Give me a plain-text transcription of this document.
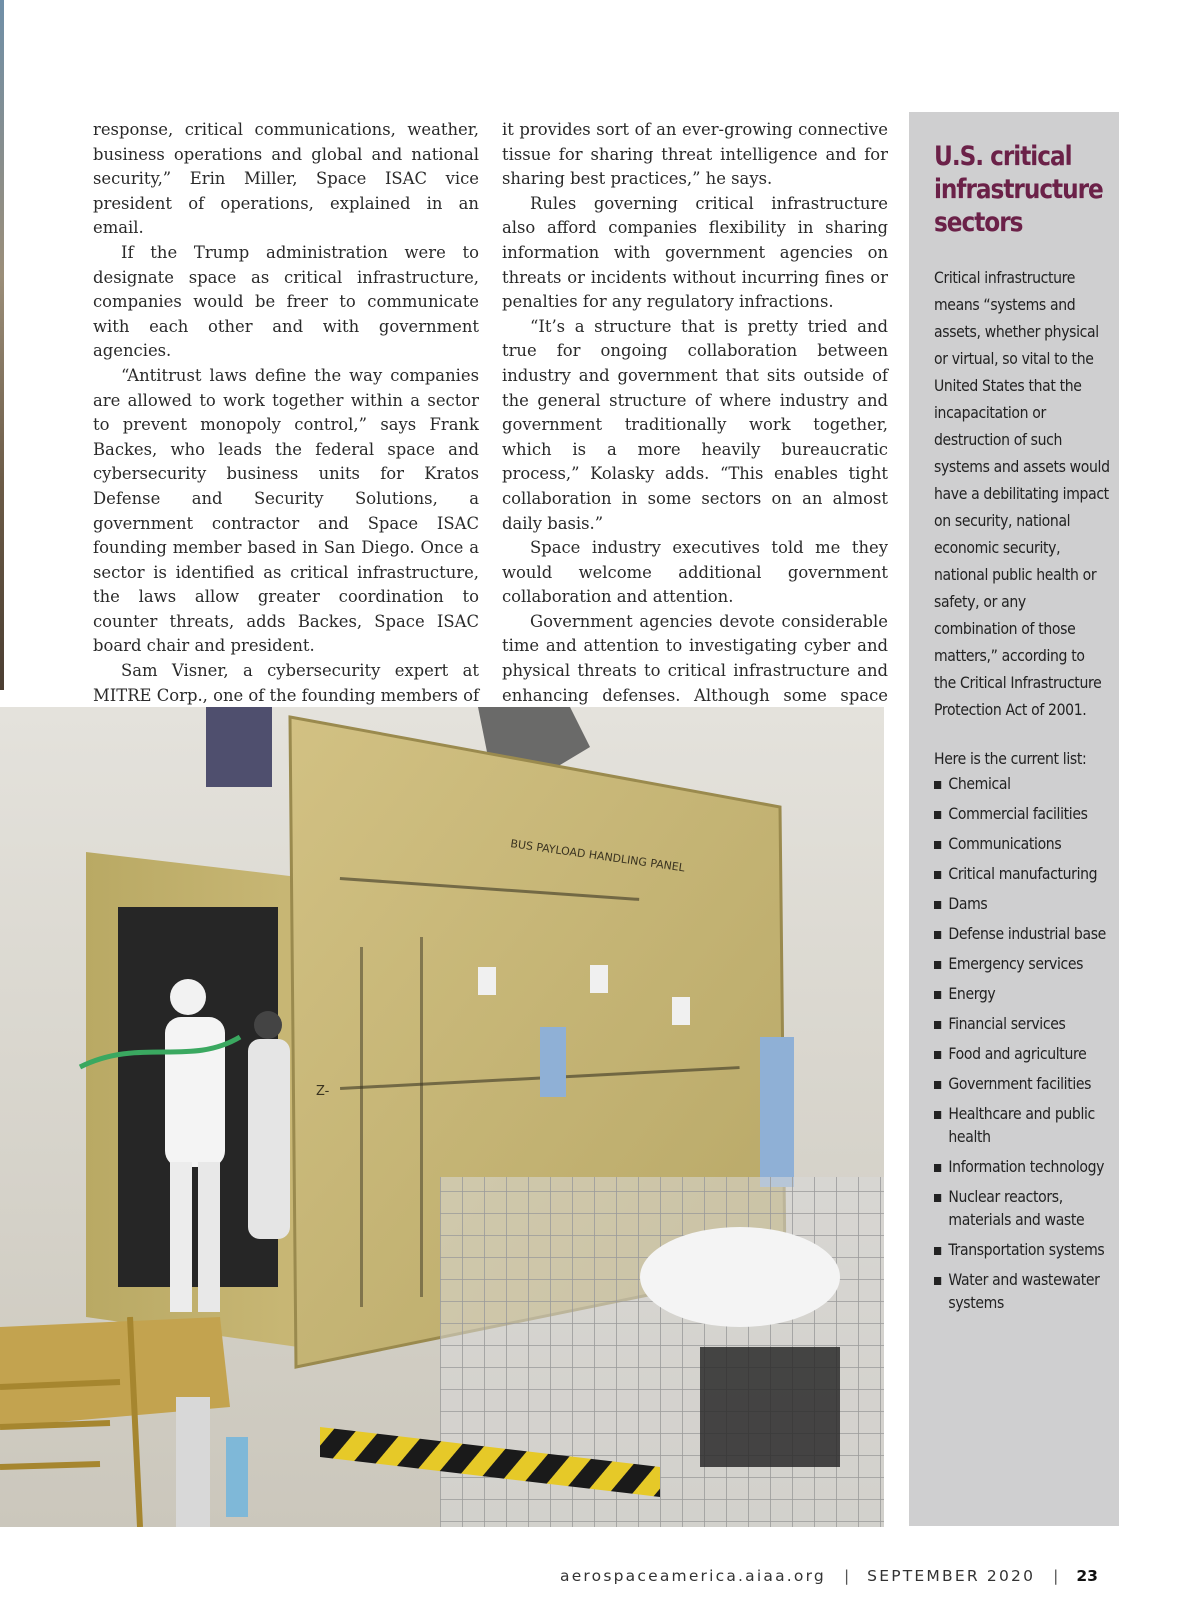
response, critical communications, weather, business operations and global and national security,” Erin Miller, Space ISAC vice president of operations, explained in an email.

If the Trump administration were to designate space as critical infrastructure, companies would be freer to communicate with each other and with government agencies.

“Antitrust laws define the way companies are allowed to work together within a sector to prevent monopoly control,” says Frank Backes, who leads the federal space and cybersecurity business units for Kratos Defense and Security Solutions, a government contractor and Space ISAC founding member based in San Diego. Once a sector is identified as critical infrastructure, the laws allow greater coordination to counter threats, adds Backes, Space ISAC board chair and president.

Sam Visner, a cybersecurity expert at MITRE Corp., one of the founding members of

it provides sort of an ever-growing connective tissue for sharing threat intelligence and for sharing best practices,” he says.

Rules governing critical infrastructure also afford companies flexibility in sharing information with government agencies on threats or incidents without incurring fines or penalties for any regulatory infractions.

“It’s a structure that is pretty tried and true for ongoing collaboration between industry and government that sits outside of the general structure of where industry and government traditionally work together, which is a more heavily bureaucratic process,” Kolasky adds. “This enables tight collaboration in some sectors on an almost daily basis.”

Space industry executives told me they would welcome additional government collaboration and attention.

Government agencies devote considerable time and attention to investigating cyber and physical threats to critical infrastructure and enhancing defenses. Although some space

U.S. critical infrastructure sectors
Critical infrastructure means “systems and assets, whether physical or virtual, so vital to the United States that the incapacitation or destruction of such systems and assets would have a debilitating impact on security, national economic security, national public health or safety, or any combination of those matters,” according to the Critical Infrastructure Protection Act of 2001.
Here is the current list:
Chemical
Commercial facilities
Communications
Critical manufacturing
Dams
Defense industrial base
Emergency services
Energy
Financial services
Food and agriculture
Government facilities
Healthcare and public health
Information technology
Nuclear reactors, materials and waste
Transportation systems
Water and wastewater systems
BUS PAYLOAD HANDLING PANEL
Z-
aerospaceamerica.aiaa.org | SEPTEMBER 2020 | 23
